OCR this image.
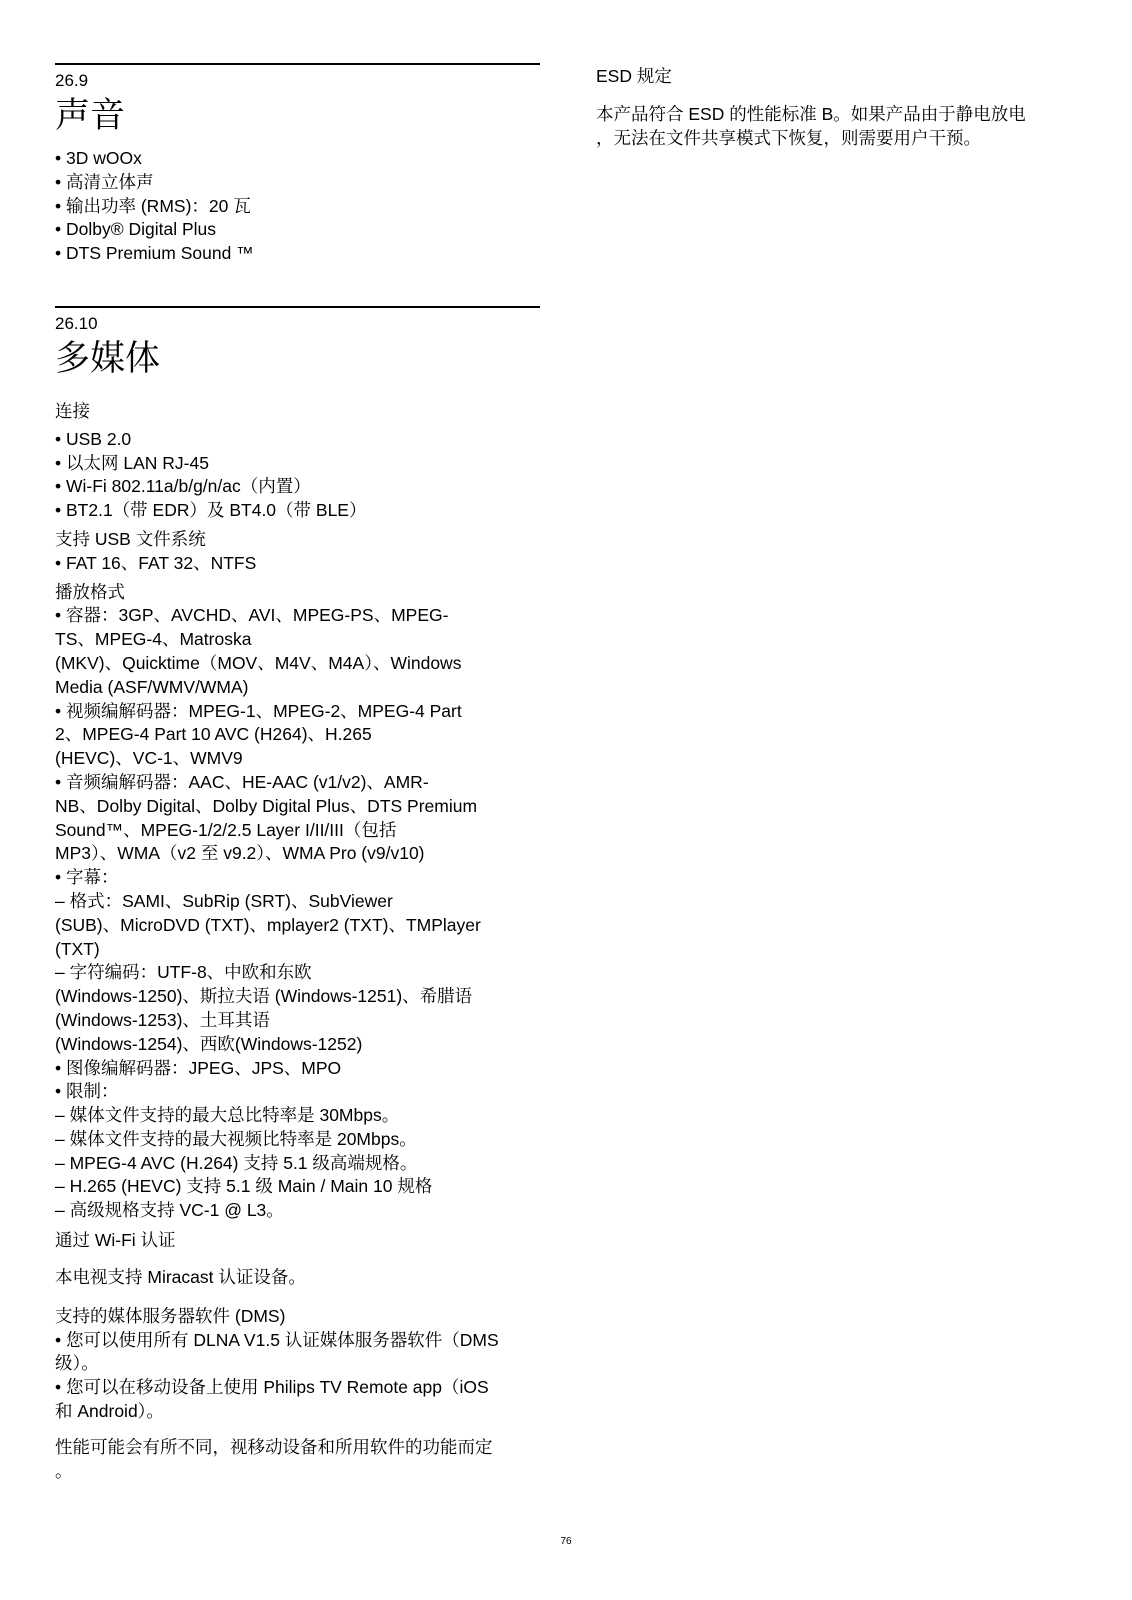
26.9
声音
• 3D wOOx
• 高清立体声
• 输出功率 (RMS)：20 瓦
• Dolby® Digital Plus
• DTS Premium Sound ™
26.10
多媒体
连接
• USB 2.0
• 以太网 LAN RJ-45
• Wi-Fi 802.11a/b/g/n/ac（内置）
• BT2.1（带 EDR）及 BT4.0（带 BLE）
支持 USB 文件系统
• FAT 16、FAT 32、NTFS
播放格式
• 容器：3GP、AVCHD、AVI、MPEG-PS、MPEG-
TS、MPEG-4、Matroska
(MKV)、Quicktime（MOV、M4V、M4A）、Windows
Media (ASF/WMV/WMA)
• 视频编解码器：MPEG-1、MPEG-2、MPEG-4 Part
2、MPEG-4 Part 10 AVC (H264)、H.265
(HEVC)、VC-1、WMV9
• 音频编解码器：AAC、HE-AAC (v1/v2)、AMR-
NB、Dolby Digital、Dolby Digital Plus、DTS Premium
Sound™、MPEG-1/2/2.5 Layer I/II/III（包括
MP3）、WMA（v2 至 v9.2）、WMA Pro (v9/v10)
• 字幕：
– 格式：SAMI、SubRip (SRT)、SubViewer
(SUB)、MicroDVD (TXT)、mplayer2 (TXT)、TMPlayer
(TXT)
– 字符编码：UTF-8、中欧和东欧
(Windows-1250)、斯拉夫语 (Windows-1251)、希腊语
(Windows-1253)、土耳其语
(Windows-1254)、西欧(Windows-1252)
• 图像编解码器：JPEG、JPS、MPO
• 限制：
– 媒体文件支持的最大总比特率是 30Mbps。
– 媒体文件支持的最大视频比特率是 20Mbps。
– MPEG-4 AVC (H.264) 支持 5.1 级高端规格。
– H.265 (HEVC) 支持 5.1 级 Main / Main 10 规格
– 高级规格支持 VC-1 @ L3。
通过 Wi-Fi 认证
本电视支持 Miracast 认证设备。
支持的媒体服务器软件 (DMS)
• 您可以使用所有 DLNA V1.5 认证媒体服务器软件（DMS
级）。
• 您可以在移动设备上使用 Philips TV Remote app（iOS
和 Android）。
性能可能会有所不同，视移动设备和所用软件的功能而定
。
ESD 规定
本产品符合 ESD 的性能标准 B。如果产品由于静电放电
，无法在文件共享模式下恢复，则需要用户干预。
76
